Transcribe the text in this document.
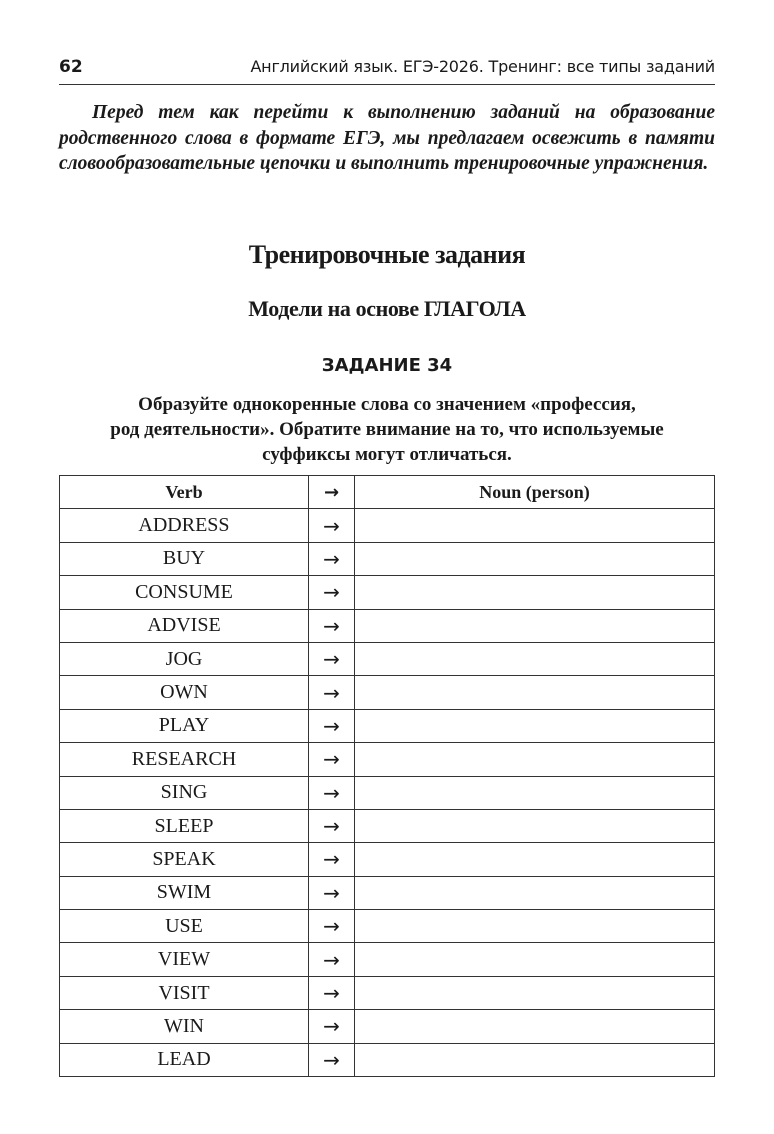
62	Английский язык. ЕГЭ-2026. Тренинг: все типы заданий

Перед тем как перейти к выполнению заданий на образование родственного слова в формате ЕГЭ, мы предлагаем освежить в памяти словообразовательные цепочки и выполнить тренировочные упражнения.

Тренировочные задания
Модели на основе ГЛАГОЛА
ЗАДАНИЕ 34

Образуйте однокоренные слова со значением «профессия,
род деятельности». Обратите внимание на то, что используемые
суффиксы могут отличаться.

Verb	→	Noun (person)
ADDRESS	→	
BUY	→	
CONSUME	→	
ADVISE	→	
JOG	→	
OWN	→	
PLAY	→	
RESEARCH	→	
SING	→	
SLEEP	→	
SPEAK	→	
SWIM	→	
USE	→	
VIEW	→	
VISIT	→	
WIN	→	
LEAD	→	
